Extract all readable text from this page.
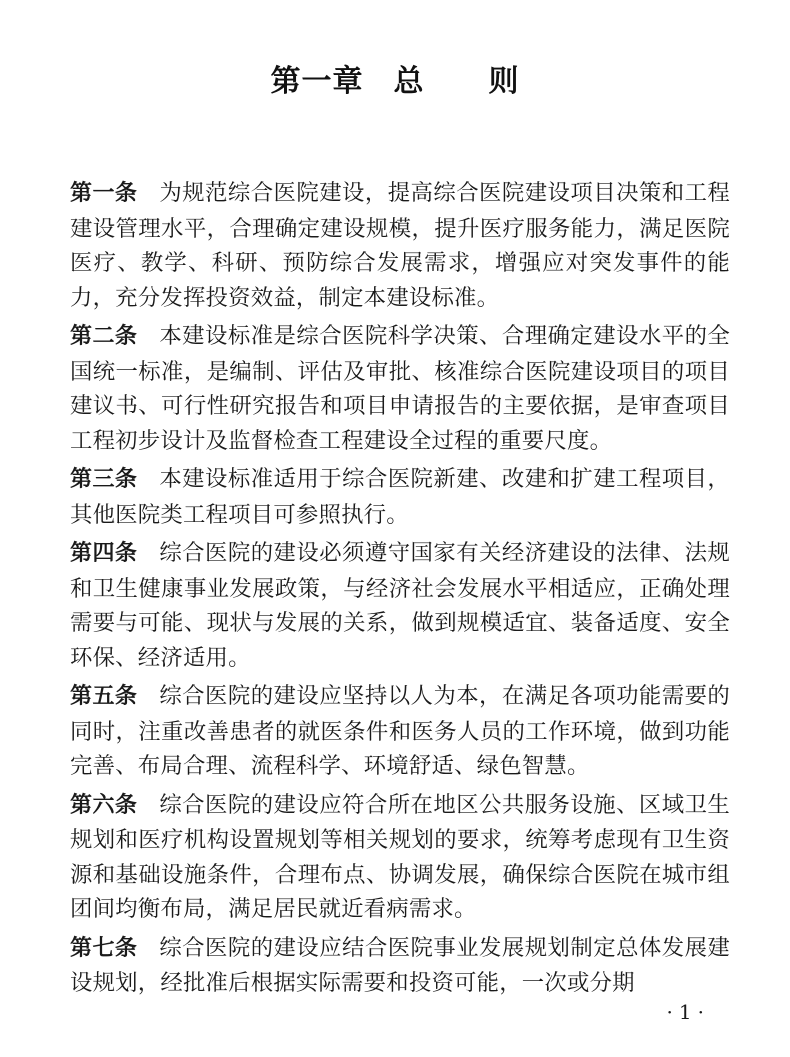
第一章 总 则

第一条 为规范综合医院建设，提高综合医院建设项目决策和工程建设管理水平，合理确定建设规模，提升医疗服务能力，满足医院医疗、教学、科研、预防综合发展需求，增强应对突发事件的能力，充分发挥投资效益，制定本建设标准。

第二条 本建设标准是综合医院科学决策、合理确定建设水平的全国统一标准，是编制、评估及审批、核准综合医院建设项目的项目建议书、可行性研究报告和项目申请报告的主要依据，是审查项目工程初步设计及监督检查工程建设全过程的重要尺度。

第三条 本建设标准适用于综合医院新建、改建和扩建工程项目，其他医院类工程项目可参照执行。

第四条 综合医院的建设必须遵守国家有关经济建设的法律、法规和卫生健康事业发展政策，与经济社会发展水平相适应，正确处理需要与可能、现状与发展的关系，做到规模适宜、装备适度、安全环保、经济适用。

第五条 综合医院的建设应坚持以人为本，在满足各项功能需要的同时，注重改善患者的就医条件和医务人员的工作环境，做到功能完善、布局合理、流程科学、环境舒适、绿色智慧。

第六条 综合医院的建设应符合所在地区公共服务设施、区域卫生规划和医疗机构设置规划等相关规划的要求，统筹考虑现有卫生资源和基础设施条件，合理布点、协调发展，确保综合医院在城市组团间均衡布局，满足居民就近看病需求。

第七条 综合医院的建设应结合医院事业发展规划制定总体发展建设规划，经批准后根据实际需要和投资可能，一次或分期

·1·
